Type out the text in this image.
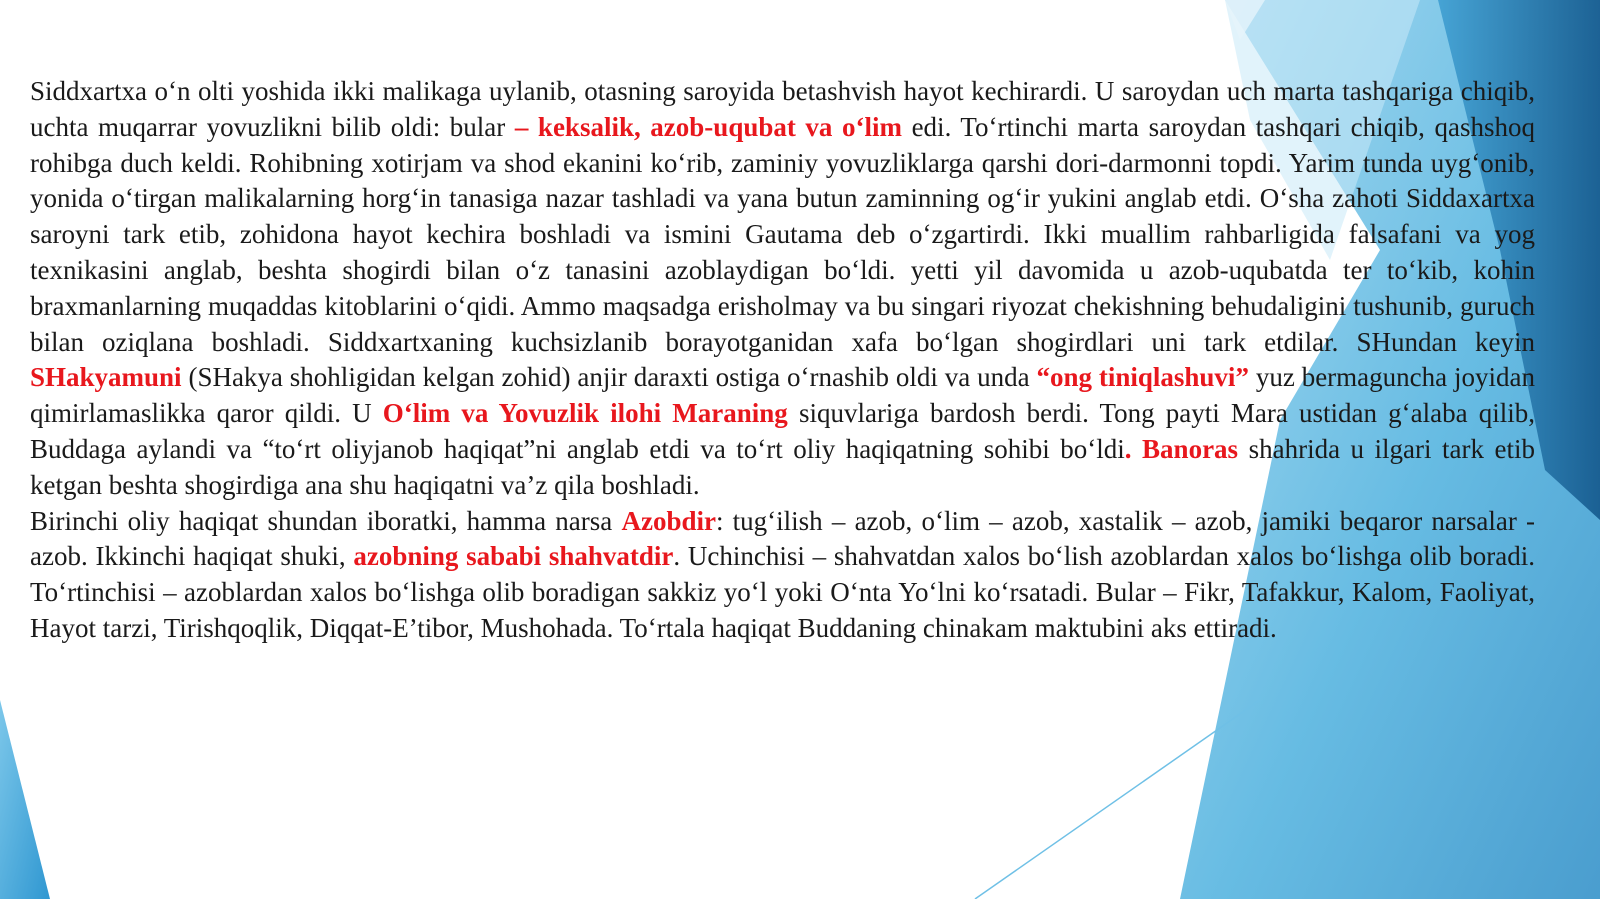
Siddxartxa o‘n olti yoshida ikki malikaga uylanib, otasning saroyida betashvish hayot kechirardi. U saroydan uch marta tashqariga chiqib, uchta muqarrar yovuzlikni bilib oldi: bular – keksalik, azob-uqubat va o‘lim edi. To‘rtinchi marta saroydan tashqari chiqib, qashshoq rohibga duch keldi. Rohibning xotirjam va shod ekanini ko‘rib, zaminiy yovuzliklarga qarshi dori-darmonni topdi. Yarim tunda uyg‘onib, yonida o‘tirgan malikalarning horg‘in tanasiga nazar tashladi va yana butun zaminning og‘ir yukini anglab etdi. O‘sha zahoti Siddaxartxa saroyni tark etib, zohidona hayot kechira boshladi va ismini Gautama deb o‘zgartirdi. Ikki muallim rahbarligida falsafani va yog texnikasini anglab, beshta shogirdi bilan o‘z tanasini azoblaydigan bo‘ldi. yetti yil davomida u azob-uqubatda ter to‘kib, kohin braxmanlarning muqaddas kitoblarini o‘qidi. Ammo maqsadga erisholmay va bu singari riyozat chekishning behudaligini tushunib, guruch bilan oziqlana boshladi. Siddxartxaning kuchsizlanib borayotganidan xafa bo‘lgan shogirdlari uni tark etdilar. SHundan keyin SHakyamuni (SHakya shohligidan kelgan zohid) anjir daraxti ostiga o‘rnashib oldi va unda “ong tiniqlashuvi” yuz bermaguncha joyidan qimirlamaslikka qaror qildi. U O‘lim va Yovuzlik ilohi Maraning siquvlariga bardosh berdi. Tong payti Mara ustidan g‘alaba qilib, Buddaga aylandi va “to‘rt oliyjanob haqiqat”ni anglab etdi va to‘rt oliy haqiqatning sohibi bo‘ldi. Banoras shahrida u ilgari tark etib ketgan beshta shogirdiga ana shu haqiqatni va’z qila boshladi.

Birinchi oliy haqiqat shundan iboratki, hamma narsa Azobdir: tug‘ilish – azob, o‘lim – azob, xastalik – azob, jamiki beqaror narsalar - azob. Ikkinchi haqiqat shuki, azobning sababi shahvatdir. Uchinchisi – shahvatdan xalos bo‘lish azoblardan xalos bo‘lishga olib boradi. To‘rtinchisi – azoblardan xalos bo‘lishga olib boradigan sakkiz yo‘l yoki O‘nta Yo‘lni ko‘rsatadi. Bular – Fikr, Tafakkur, Kalom, Faoliyat, Hayot tarzi, Tirishqoqlik, Diqqat-E’tibor, Mushohada. To‘rtala haqiqat Buddaning chinakam maktubini aks ettiradi.
